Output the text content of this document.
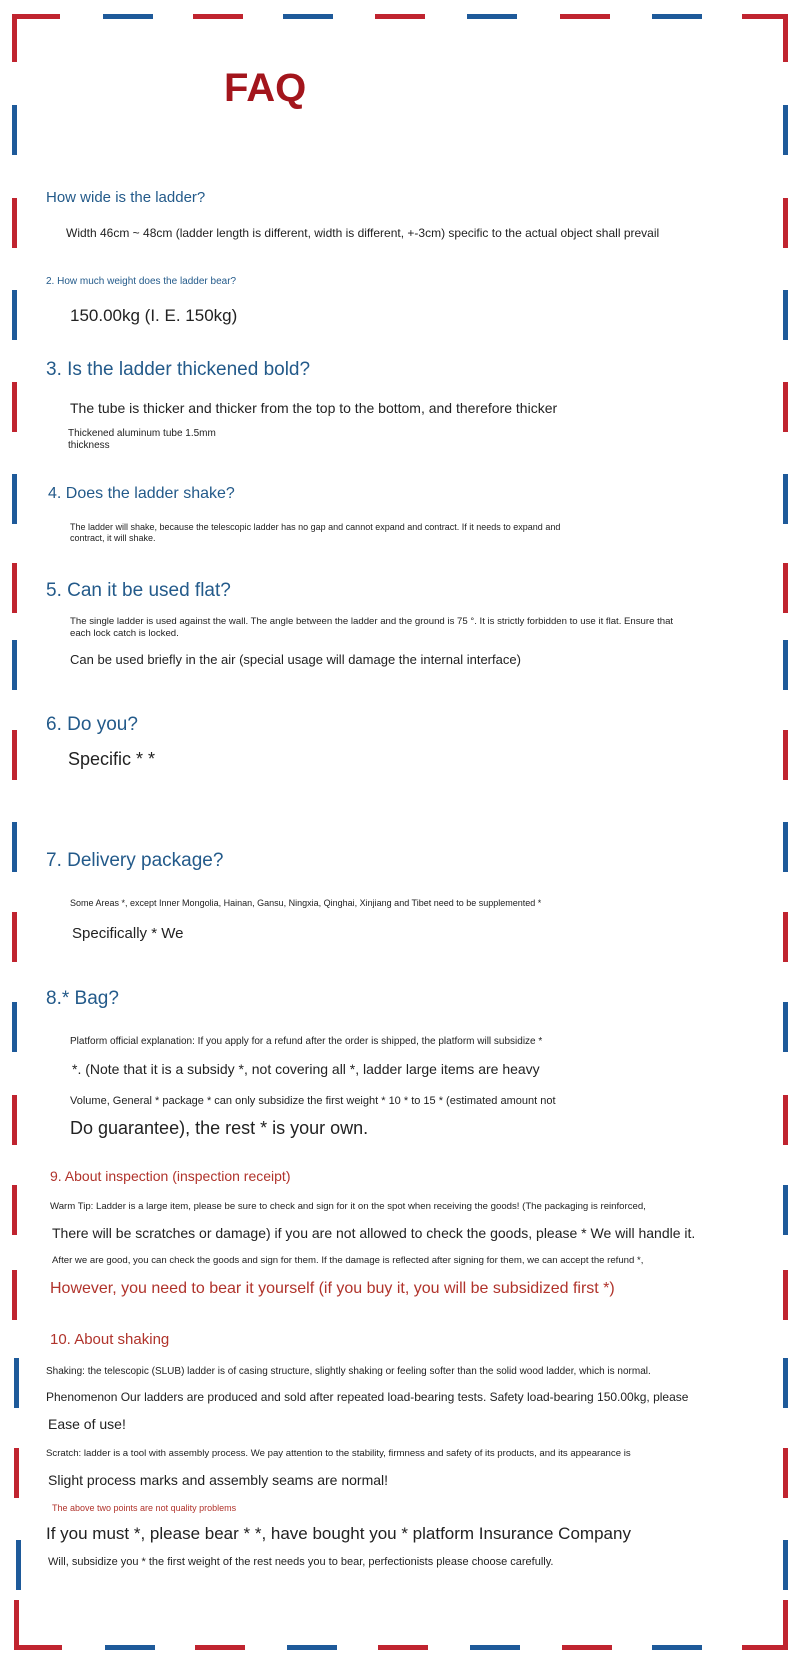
FAQ
How wide is the ladder?
Width 46cm ~ 48cm (ladder length is different, width is different, +-3cm) specific to the actual object shall prevail
2. How much weight does the ladder bear?
150.00kg (I. E. 150kg)
3. Is the ladder thickened bold?
The tube is thicker and thicker from the top to the bottom, and therefore thicker
Thickened aluminum tube 1.5mm
thickness
4. Does the ladder shake?
The ladder will shake, because the telescopic ladder has no gap and cannot expand and contract. If it needs to expand and
contract, it will shake.
5. Can it be used flat?
The single ladder is used against the wall. The angle between the ladder and the ground is 75 °. It is strictly forbidden to use it flat. Ensure that
each lock catch is locked.
Can be used briefly in the air (special usage will damage the internal interface)
6. Do you?
Specific * *
7. Delivery package?
Some Areas *, except Inner Mongolia, Hainan, Gansu, Ningxia, Qinghai, Xinjiang and Tibet need to be supplemented *
Specifically * We
8.* Bag?
Platform official explanation: If you apply for a refund after the order is shipped, the platform will subsidize *
*. (Note that it is a subsidy *, not covering all *, ladder large items are heavy
Volume, General * package * can only subsidize the first weight * 10 * to 15 * (estimated amount not
Do guarantee), the rest * is your own.
9. About inspection (inspection receipt)
Warm Tip: Ladder is a large item, please be sure to check and sign for it on the spot when receiving the goods! (The packaging is reinforced,
There will be scratches or damage) if you are not allowed to check the goods, please * We will handle it.
After we are good, you can check the goods and sign for them. If the damage is reflected after signing for them, we can accept the refund *,
However, you need to bear it yourself (if you buy it, you will be subsidized first *)
10. About shaking
Shaking: the telescopic (SLUB) ladder is of casing structure, slightly shaking or feeling softer than the solid wood ladder, which is normal.
Phenomenon Our ladders are produced and sold after repeated load-bearing tests. Safety load-bearing 150.00kg, please
Ease of use!
Scratch: ladder is a tool with assembly process. We pay attention to the stability, firmness and safety of its products, and its appearance is
Slight process marks and assembly seams are normal!
The above two points are not quality problems
If you must *, please bear * *, have bought you * platform Insurance Company
Will, subsidize you * the first weight of the rest needs you to bear, perfectionists please choose carefully.
